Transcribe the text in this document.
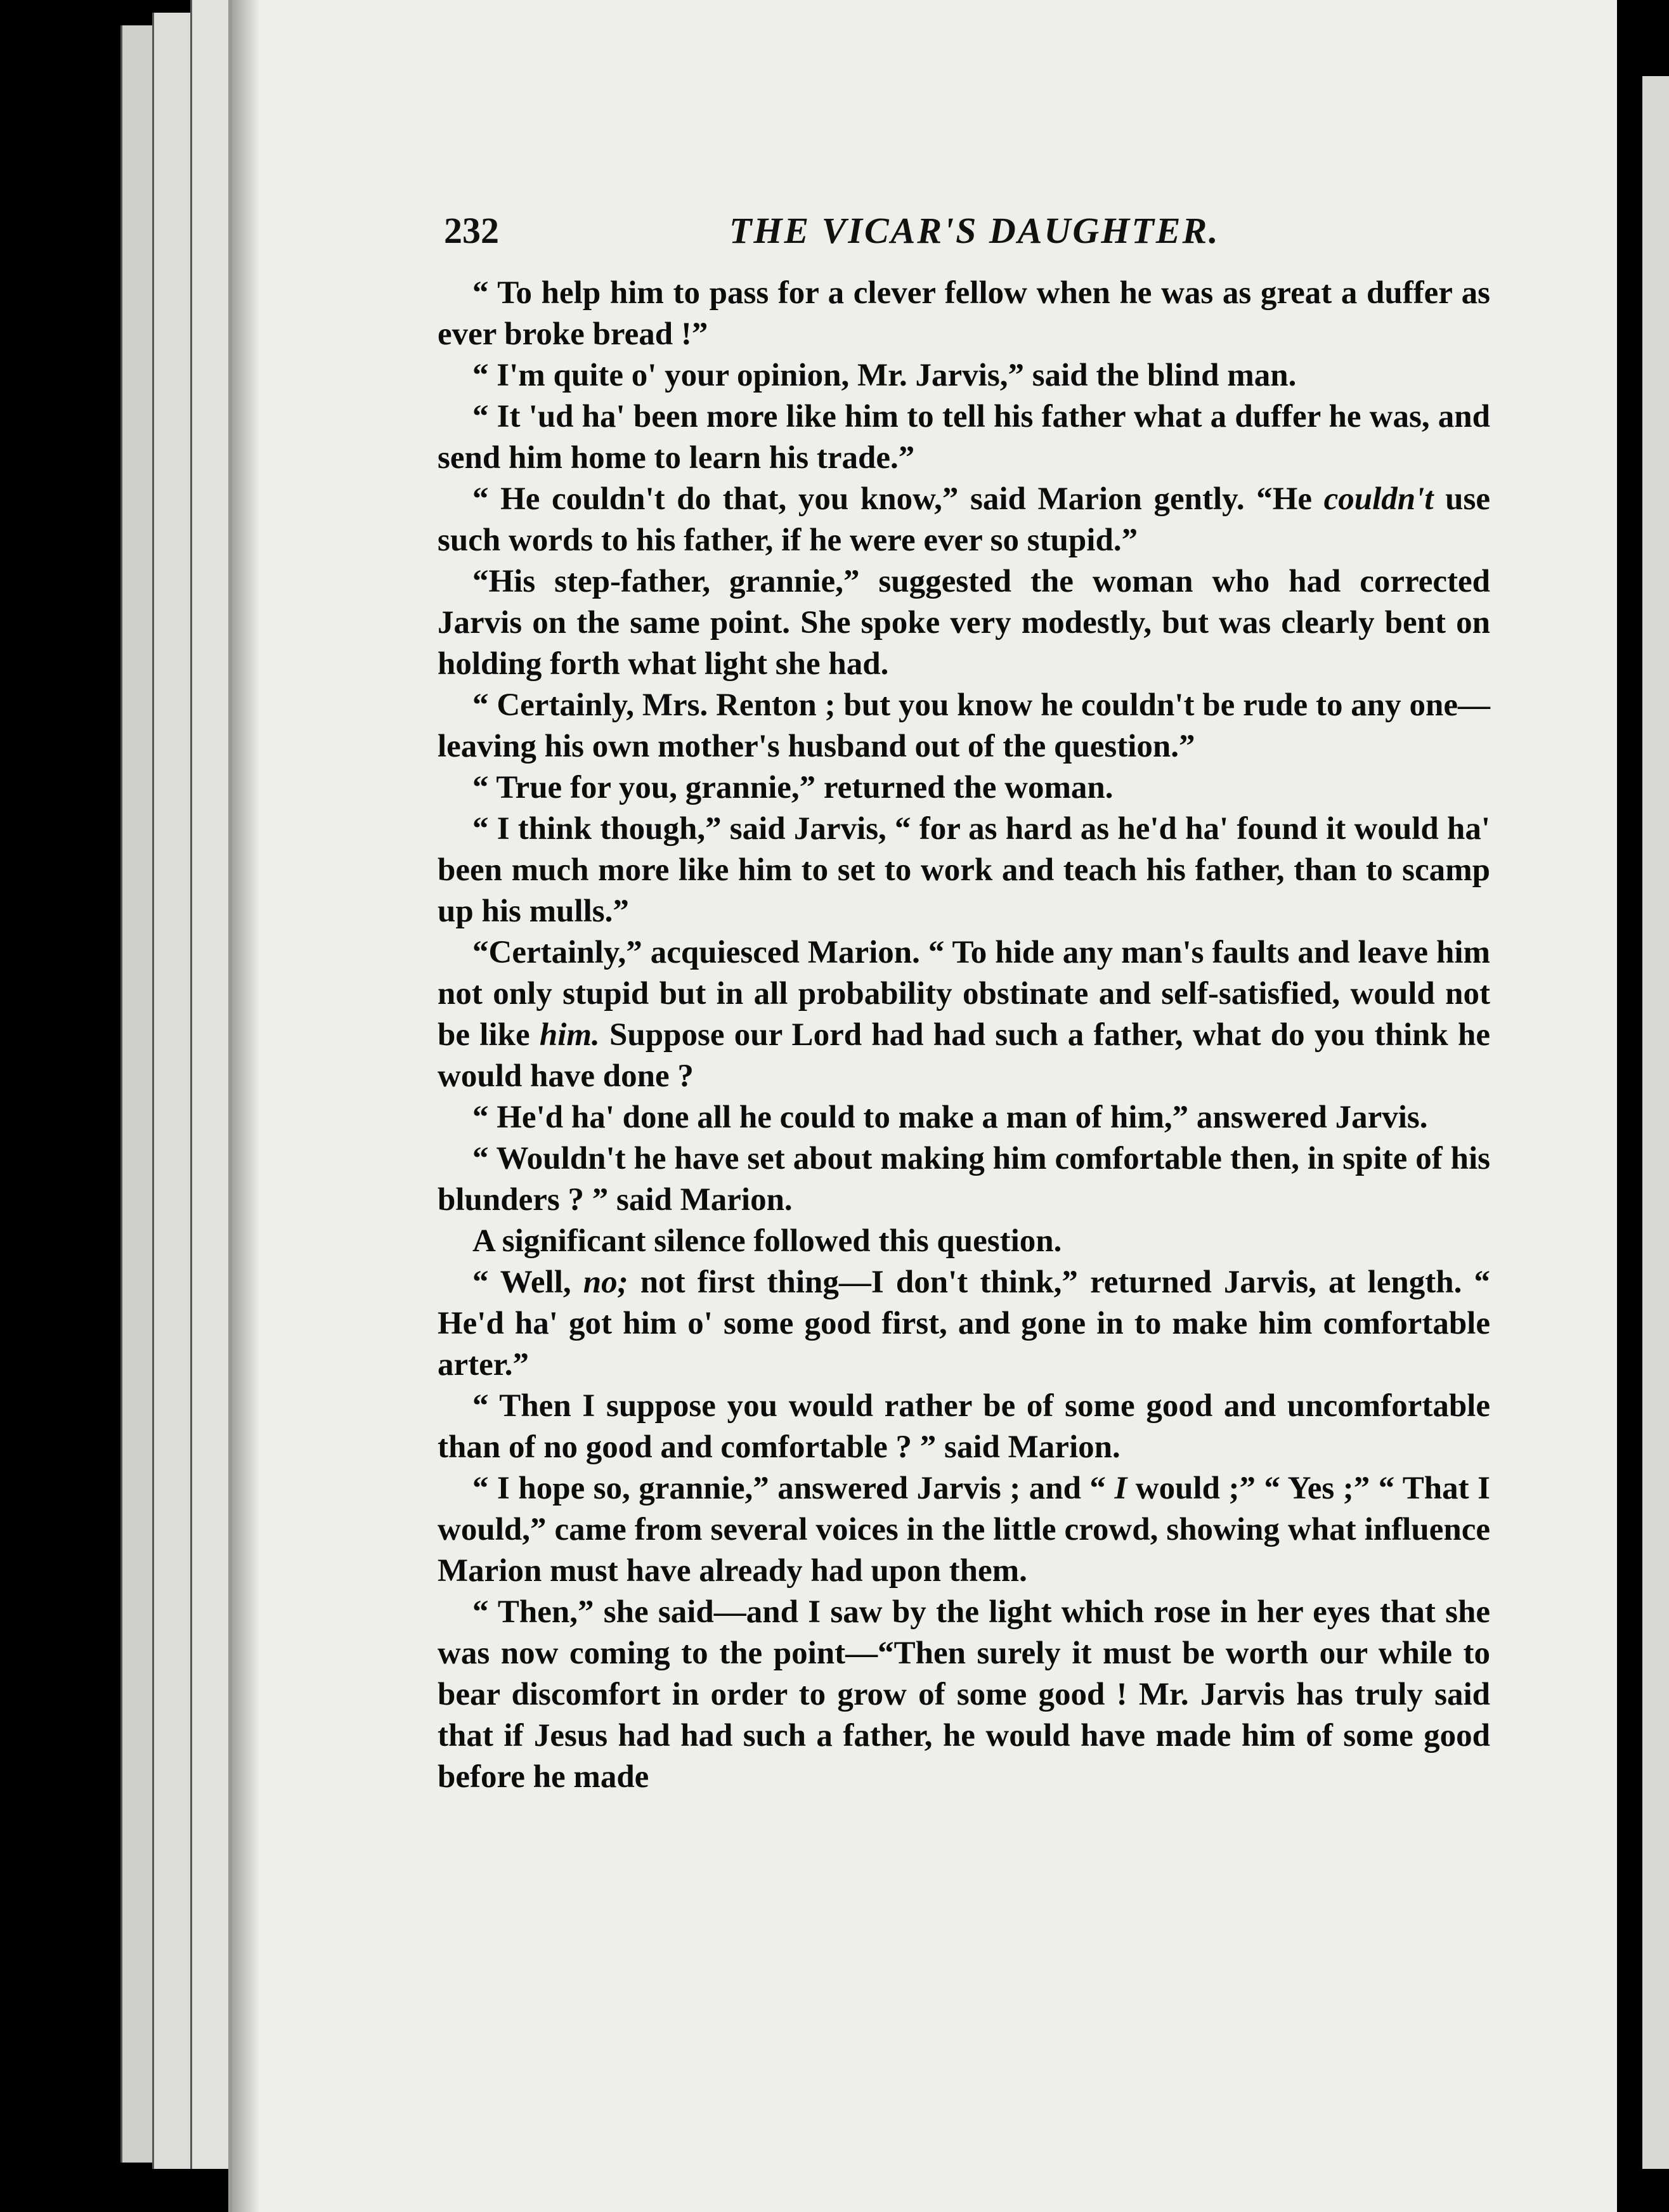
232	THE VICAR'S DAUGHTER.

“ To help him to pass for a clever fellow when he was as great a duffer as ever broke bread !”

“ I'm quite o' your opinion, Mr. Jarvis,” said the blind man.

“ It 'ud ha' been more like him to tell his father what a duffer he was, and send him home to learn his trade.”

“ He couldn't do that, you know,” said Marion gently. “He couldn't use such words to his father, if he were ever so stupid.”

“His step-father, grannie,” suggested the woman who had corrected Jarvis on the same point. She spoke very modestly, but was clearly bent on holding forth what light she had.

“ Certainly, Mrs. Renton ; but you know he couldn't be rude to any one—leaving his own mother's husband out of the question.”

“ True for you, grannie,” returned the woman.

“ I think though,” said Jarvis, “ for as hard as he'd ha' found it would ha' been much more like him to set to work and teach his father, than to scamp up his mulls.”

“Certainly,” acquiesced Marion. “ To hide any man's faults and leave him not only stupid but in all probability obstinate and self-satisfied, would not be like him. Suppose our Lord had had such a father, what do you think he would have done ?

“ He'd ha' done all he could to make a man of him,” answered Jarvis.

“ Wouldn't he have set about making him comfortable then, in spite of his blunders ? ” said Marion.

A significant silence followed this question.

“ Well, no; not first thing—I don't think,” returned Jarvis, at length. “ He'd ha' got him o' some good first, and gone in to make him comfortable arter.”

“ Then I suppose you would rather be of some good and uncomfortable than of no good and comfortable ? ” said Marion.

“ I hope so, grannie,” answered Jarvis ; and “ I would ;” “ Yes ;” “ That I would,” came from several voices in the little crowd, showing what influence Marion must have already had upon them.

“ Then,” she said—and I saw by the light which rose in her eyes that she was now coming to the point—“Then surely it must be worth our while to bear discomfort in order to grow of some good ! Mr. Jarvis has truly said that if Jesus had had such a father, he would have made him of some good before he made
